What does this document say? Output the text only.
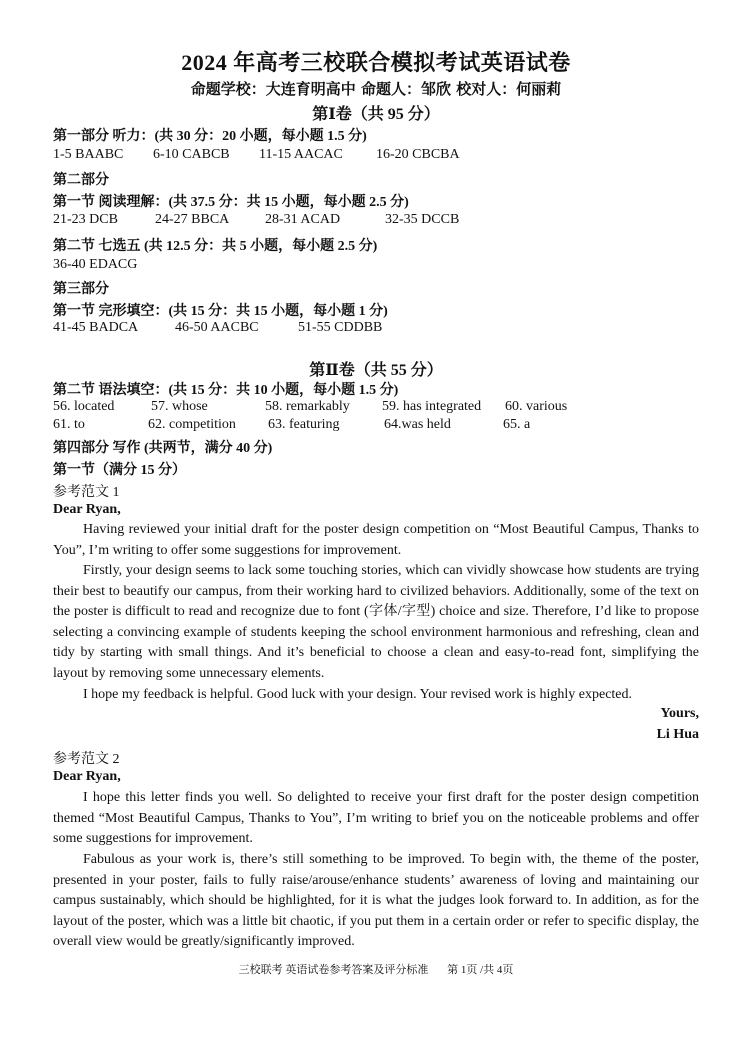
2024 年高考三校联合模拟考试英语试卷
命题学校：大连育明高中 命题人：邹欣 校对人：何丽莉
第Ⅰ卷（共 95 分）
第一部分 听力：(共 30 分：20 小题，每小题 1.5 分)
1-5 BAABC 6-10 CABCB 11-15 AACAC 16-20 CBCBA
第二部分
第一节 阅读理解：(共 37.5 分：共 15 小题，每小题 2.5 分)
21-23 DCB	24-27 BBCA	28-31 ACAD	32-35 DCCB
第二节 七选五 (共 12.5 分：共 5 小题，每小题 2.5 分)
36-40 EDACG
第三部分
第一节 完形填空：(共 15 分：共 15 小题，每小题 1 分)
41-45 BADCA	46-50 AACBC	51-55 CDDBB
第Ⅱ卷（共 55 分）
第二节 语法填空：(共 15 分：共 10 小题，每小题 1.5 分)
56. located	57. whose	58. remarkably 59. has integrated 60. various
61. to	62. competition 63. featuring	64.was held	65. a
第四部分 写作 (共两节，满分 40 分)
第一节（满分 15 分）
参考范文 1
Dear Ryan,
Having reviewed your initial draft for the poster design competition on “Most Beautiful Campus, Thanks to You”, I’m writing to offer some suggestions for improvement.
Firstly, your design seems to lack some touching stories, which can vividly showcase how students are trying their best to beautify our campus, from their working hard to civilized behaviors. Additionally, some of the text on the poster is difficult to read and recognize due to font (字体/字型) choice and size. Therefore, I’d like to propose selecting a convincing example of students keeping the school environment harmonious and refreshing, clean and tidy by starting with small things. And it’s beneficial to choose a clean and easy-to-read font, simplifying the layout by removing some unnecessary elements.
I hope my feedback is helpful. Good luck with your design. Your revised work is highly expected.
Yours,
Li Hua
参考范文 2
Dear Ryan,
I hope this letter finds you well. So delighted to receive your first draft for the poster design competition themed “Most Beautiful Campus, Thanks to You”, I’m writing to brief you on the noticeable problems and offer some suggestions for improvement.
Fabulous as your work is, there’s still something to be improved. To begin with, the theme of the poster, presented in your poster, fails to fully raise/arouse/enhance students’ awareness of loving and maintaining our campus sustainably, which should be highlighted, for it is what the judges look forward to. In addition, as for the layout of the poster, which was a little bit chaotic, if you put them in a certain order or refer to specific display, the overall view would be greatly/significantly improved.
三校联考 英语试卷参考答案及评分标准 第 1页 /共 4页
